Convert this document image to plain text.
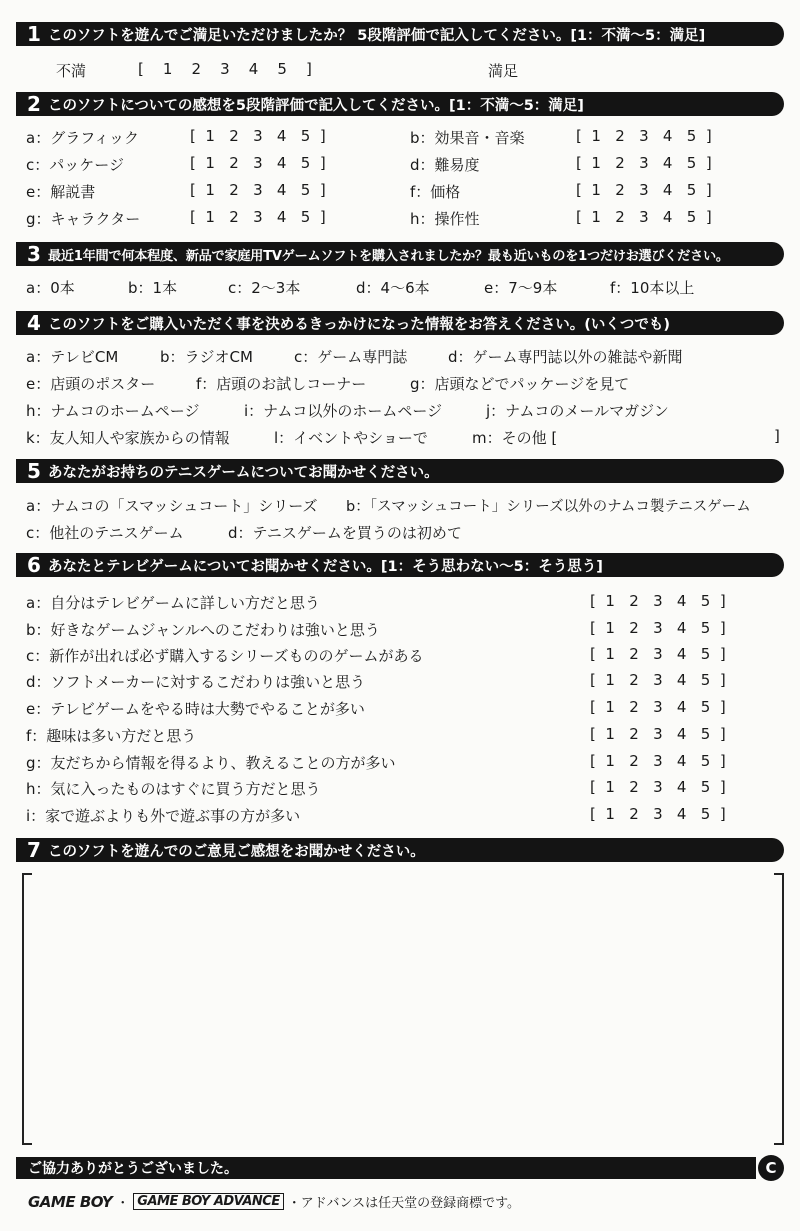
1 このソフトを遊んでご満足いただけましたか？ 5段階評価で記入してください。[1：不満〜5：満足]
不満	[    1    2    3    4    5    ]	満足
2 このソフトについての感想を5段階評価で記入してください。[1：不満〜5：満足]
a：グラフィック	[  1   2   3   4   5  ]	b：効果音・音楽	[  1   2   3   4   5  ]
c：パッケージ	[  1   2   3   4   5  ]	d：難易度	[  1   2   3   4   5  ]
e：解説書	[  1   2   3   4   5  ]	f：価格	[  1   2   3   4   5  ]
g：キャラクター	[  1   2   3   4   5  ]	h：操作性	[  1   2   3   4   5  ]
3 最近1年間で何本程度、新品で家庭用TVゲームソフトを購入されましたか？最も近いものを1つだけお選びください。
a：0本	b：1本	c：2〜3本	d：4〜6本	e：7〜9本	f：10本以上
4 このソフトをご購入いただく事を決めるきっかけになった情報をお答えください。(いくつでも)
a：テレビCM	b：ラジオCM	c：ゲーム専門誌	d：ゲーム専門誌以外の雑誌や新聞
e：店頭のポスター	f：店頭のお試しコーナー	g：店頭などでパッケージを見て
h：ナムコのホームページ	i：ナムコ以外のホームページ	j：ナムコのメールマガジン
k：友人知人や家族からの情報	l：イベントやショーで	m：その他 [	]
5 あなたがお持ちのテニスゲームについてお聞かせください。
a：ナムコの「スマッシュコート」シリーズ b：「スマッシュコート」シリーズ以外のナムコ製テニスゲーム
c：他社のテニスゲーム	d：テニスゲームを買うのは初めて
6 あなたとテレビゲームについてお聞かせください。[1：そう思わない〜5：そう思う]
a：自分はテレビゲームに詳しい方だと思う	[  1   2   3   4   5  ]
b：好きなゲームジャンルへのこだわりは強いと思う	[  1   2   3   4   5  ]
c：新作が出れば必ず購入するシリーズもののゲームがある	[  1   2   3   4   5  ]
d：ソフトメーカーに対するこだわりは強いと思う	[  1   2   3   4   5  ]
e：テレビゲームをやる時は大勢でやることが多い	[  1   2   3   4   5  ]
f：趣味は多い方だと思う	[  1   2   3   4   5  ]
g：友だちから情報を得るより、教えることの方が多い	[  1   2   3   4   5  ]
h：気に入ったものはすぐに買う方だと思う	[  1   2   3   4   5  ]
i：家で遊ぶよりも外で遊ぶ事の方が多い	[  1   2   3   4   5  ]
7 このソフトを遊んでのご意見ご感想をお聞かせください。
ご協力ありがとうございました。	C
GAME BOY ・ GAME BOY ADVANCE ・アドバンスは任天堂の登録商標です。
